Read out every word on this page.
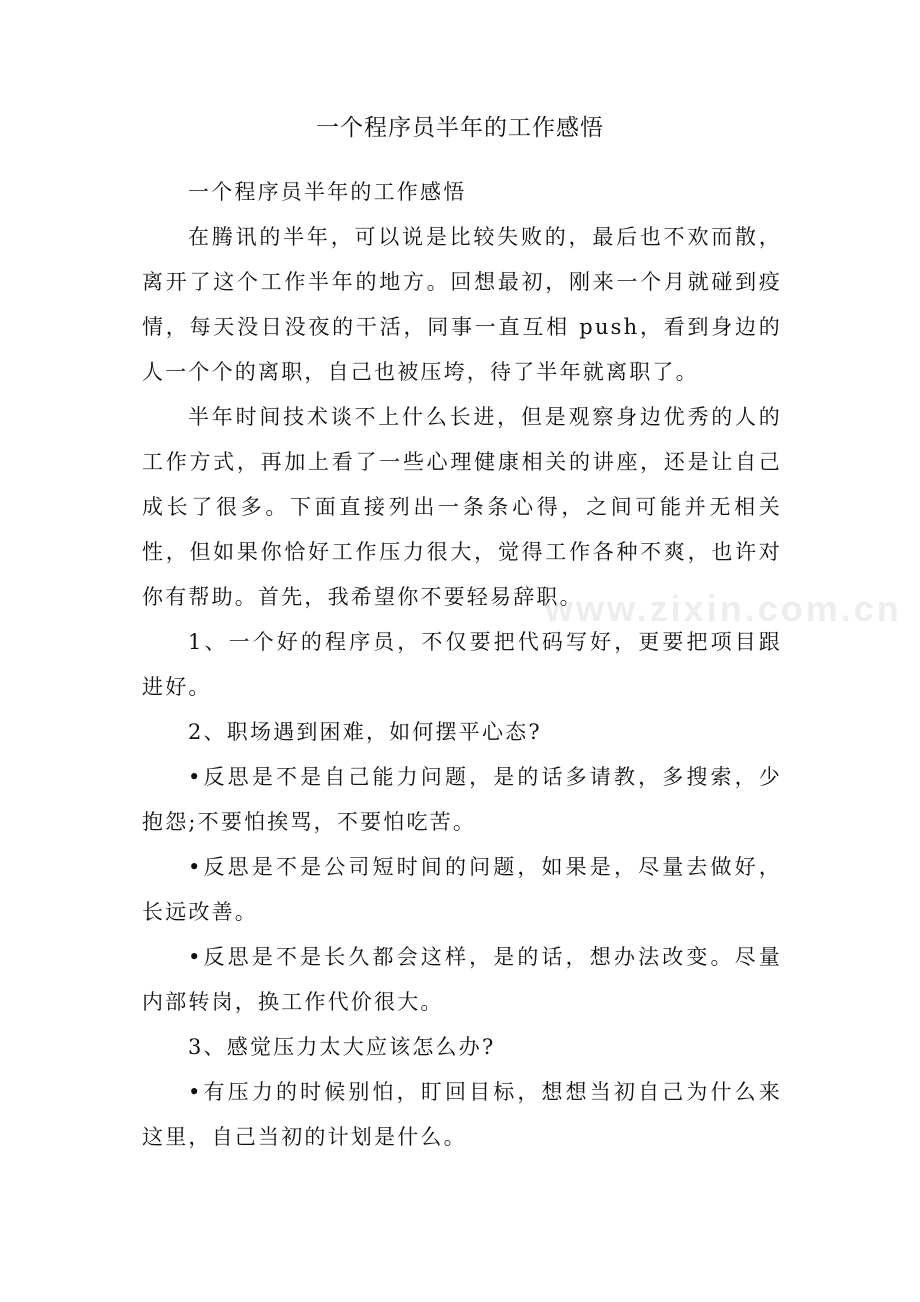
一个程序员半年的工作感悟

一个程序员半年的工作感悟

在腾讯的半年，可以说是比较失败的，最后也不欢而散，离开了这个工作半年的地方。回想最初，刚来一个月就碰到疫情，每天没日没夜的干活，同事一直互相 push，看到身边的人一个个的离职，自己也被压垮，待了半年就离职了。

半年时间技术谈不上什么长进，但是观察身边优秀的人的工作方式，再加上看了一些心理健康相关的讲座，还是让自己成长了很多。下面直接列出一条条心得，之间可能并无相关性，但如果你恰好工作压力很大，觉得工作各种不爽，也许对你有帮助。首先，我希望你不要轻易辞职。

1、一个好的程序员，不仅要把代码写好，更要把项目跟进好。

2、职场遇到困难，如何摆平心态?

•反思是不是自己能力问题，是的话多请教，多搜索，少抱怨;不要怕挨骂，不要怕吃苦。

•反思是不是公司短时间的问题，如果是，尽量去做好，长远改善。

•反思是不是长久都会这样，是的话，想办法改变。尽量内部转岗，换工作代价很大。

3、感觉压力太大应该怎么办?

•有压力的时候别怕，盯回目标，想想当初自己为什么来这里，自己当初的计划是什么。

www.zixin.com.cn
